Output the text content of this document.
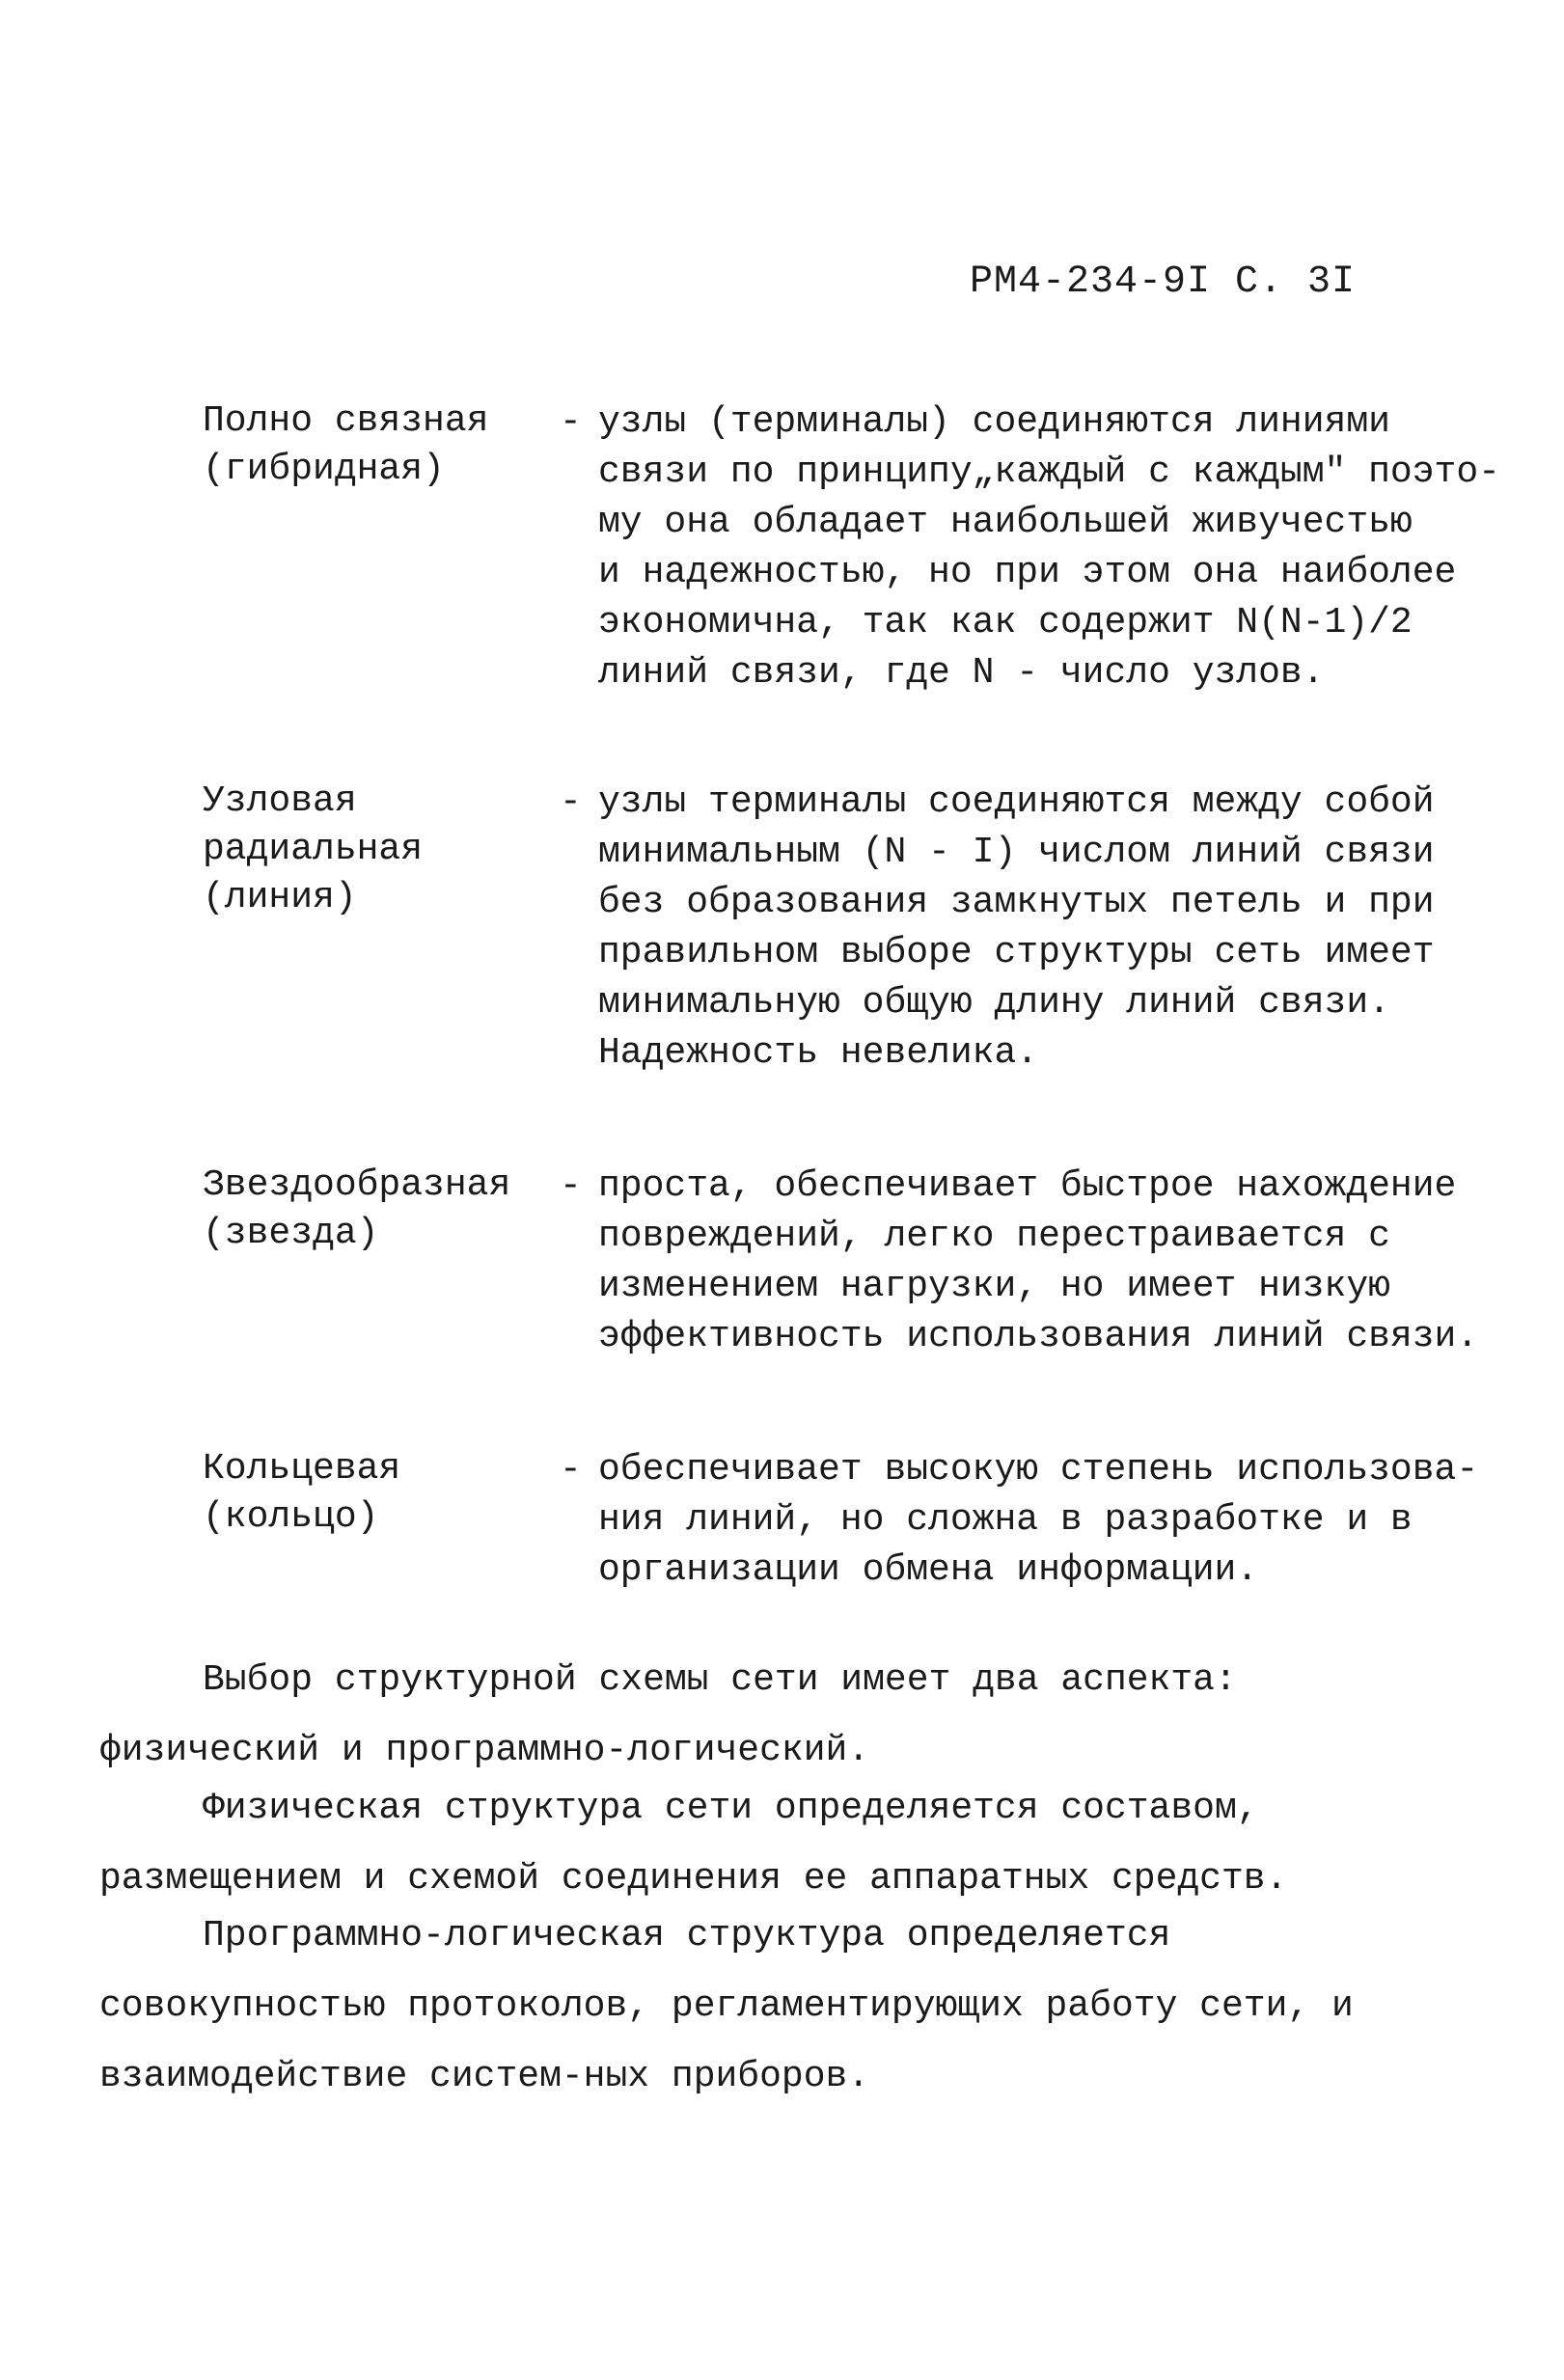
РМ4-234-9I С. 3I
Полно связная
(гибридная)
- узлы (терминалы) соединяются линиями
связи по принципу„каждый с каждым" поэто-
му она обладает наибольшей живучестью
и надежностью, но при этом она наиболее
экономична, так как содержит N(N-1)/2
линий связи, где N - число узлов.
Узловая
радиальная
(линия)
- узлы терминалы соединяются между собой
минимальным (N - I) числом линий связи
без образования замкнутых петель и при
правильном выборе структуры сеть имеет
минимальную общую длину линий связи.
Надежность невелика.
Звездообразная
(звезда)
- проста, обеспечивает быстрое нахождение
повреждений, легко перестраивается с
изменением нагрузки, но имеет низкую
эффективность использования линий связи.
Кольцевая
(кольцо)
- обеспечивает высокую степень использова-
ния линий, но сложна в разработке и в
организации обмена информации.
Выбор структурной схемы сети имеет два аспекта: физический и программно-логический.
Физическая структура сети определяется составом, размещением и схемой соединения ее аппаратных средств.
Программно-логическая структура определяется совокупностью протоколов, регламентирующих работу сети, и взаимодействие систем-ных приборов.
